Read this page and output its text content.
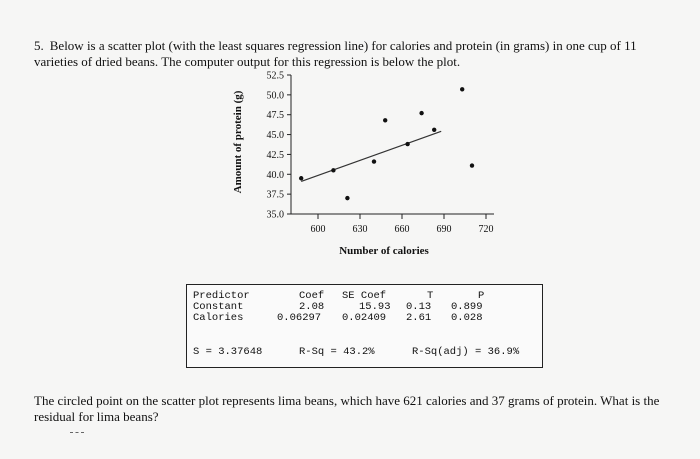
5. Below is a scatter plot (with the least squares regression line) for calories and protein (in grams) in one cup of 11 varieties of dried beans. The computer output for this regression is below the plot.
600	630	660	690	720
35.0
37.5
40.0
42.5
45.0
47.5
50.0
52.5
Number of calories
Amount of protein (g)
Predictor	Coef SE Coef	T	P
Constant	2.08	15.93 0.13 0.899
Calories	0.06297 0.02409 2.61 0.028
S = 3.37648	R-Sq = 43.2%	R-Sq(adj) = 36.9%
The circled point on the scatter plot represents lima beans, which have 621 calories and 37 grams of protein. What is the residual for lima beans?
